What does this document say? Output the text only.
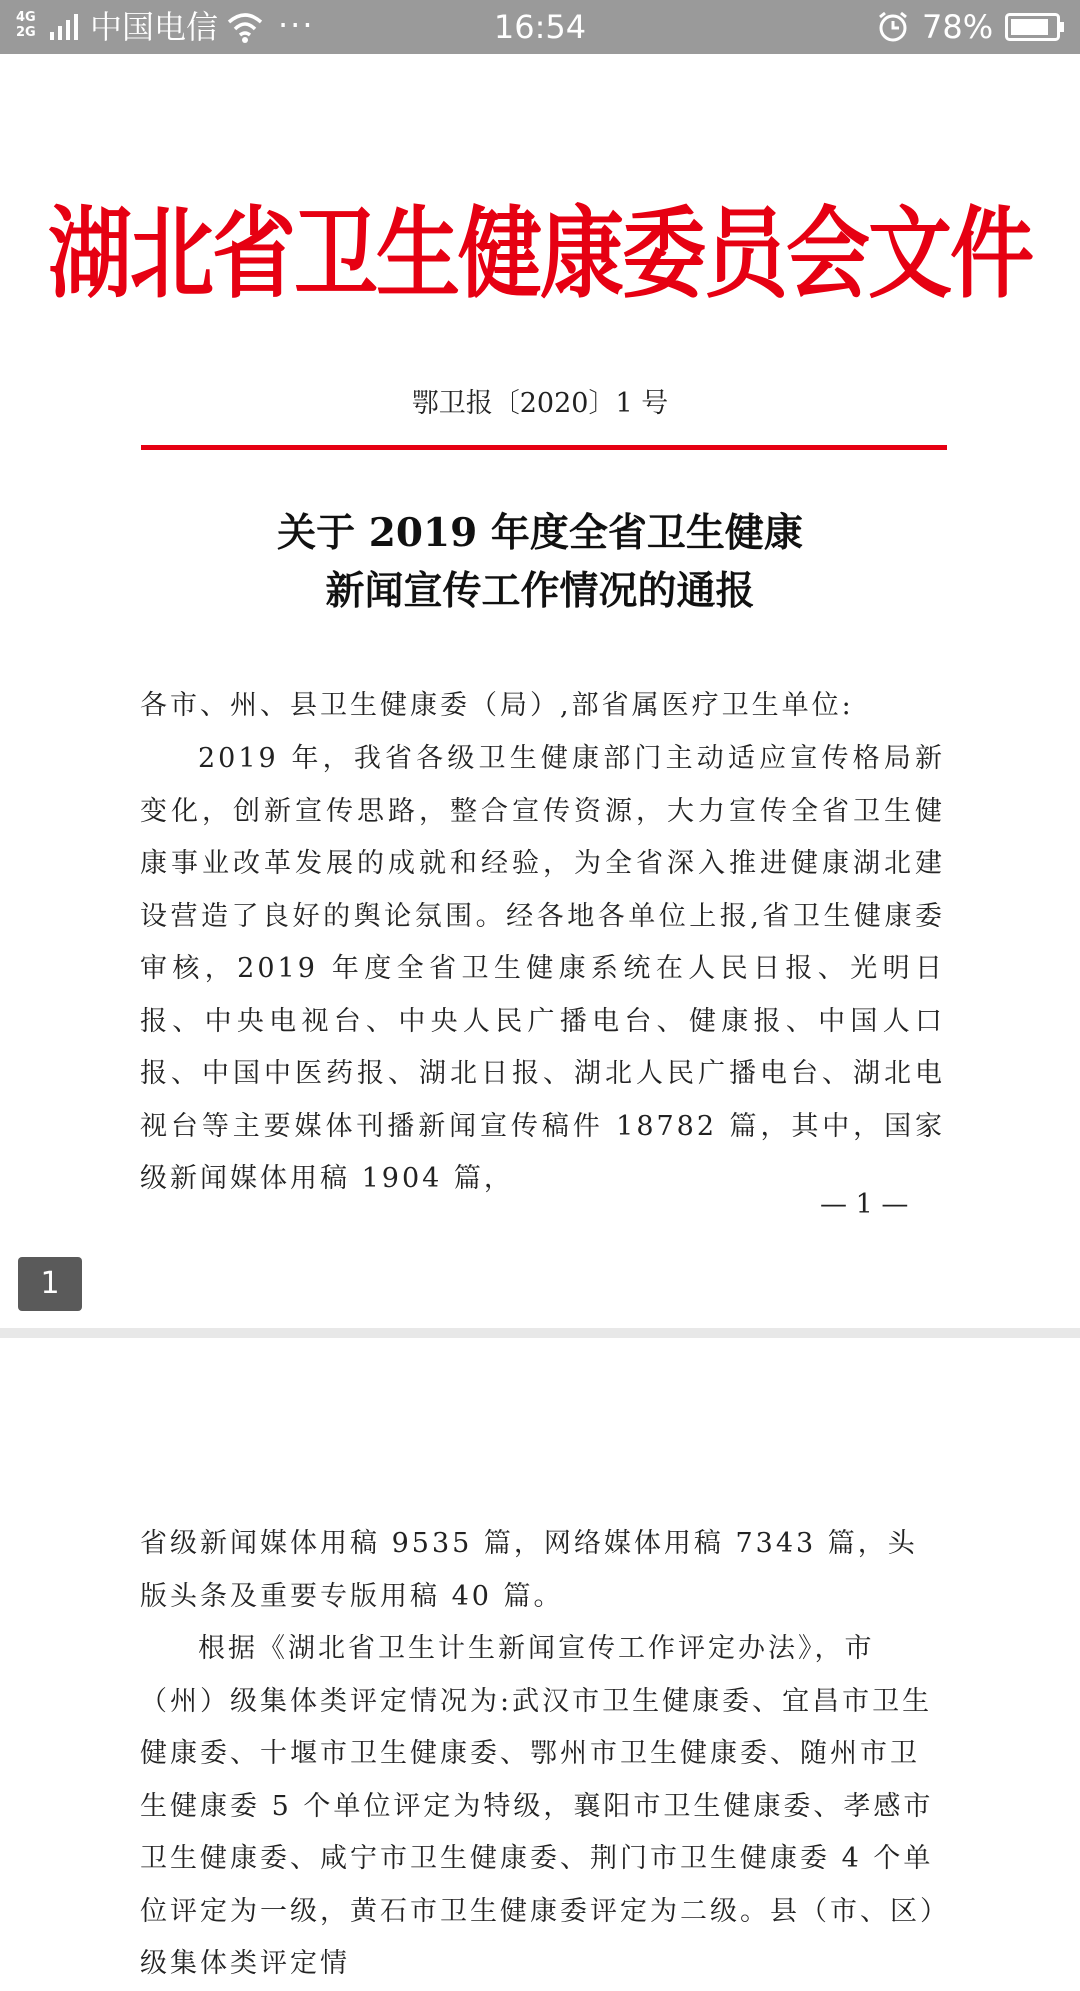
4G
2G 中国电信 ···	16:54	78%
湖北省卫生健康委员会文件
鄂卫报〔2020〕1 号
关于 2019 年度全省卫生健康
新闻宣传工作情况的通报
各市、州、县卫生健康委（局）,部省属医疗卫生单位:
2019 年，我省各级卫生健康部门主动适应宣传格局新变化，创新宣传思路，整合宣传资源，大力宣传全省卫生健康事业改革发展的成就和经验，为全省深入推进健康湖北建设营造了良好的舆论氛围。经各地各单位上报,省卫生健康委审核，2019 年度全省卫生健康系统在人民日报、光明日报、中央电视台、中央人民广播电台、健康报、中国人口报、中国中医药报、湖北日报、湖北人民广播电台、湖北电视台等主要媒体刊播新闻宣传稿件 18782 篇，其中，国家级新闻媒体用稿 1904 篇，
— 1 —
1
省级新闻媒体用稿 9535 篇，网络媒体用稿 7343 篇，头版头条及重要专版用稿 40 篇。
根据《湖北省卫生计生新闻宣传工作评定办法》，市（州）级集体类评定情况为:武汉市卫生健康委、宜昌市卫生健康委、十堰市卫生健康委、鄂州市卫生健康委、随州市卫生健康委 5 个单位评定为特级，襄阳市卫生健康委、孝感市卫生健康委、咸宁市卫生健康委、荆门市卫生健康委 4 个单位评定为一级，黄石市卫生健康委评定为二级。县（市、区）级集体类评定情
